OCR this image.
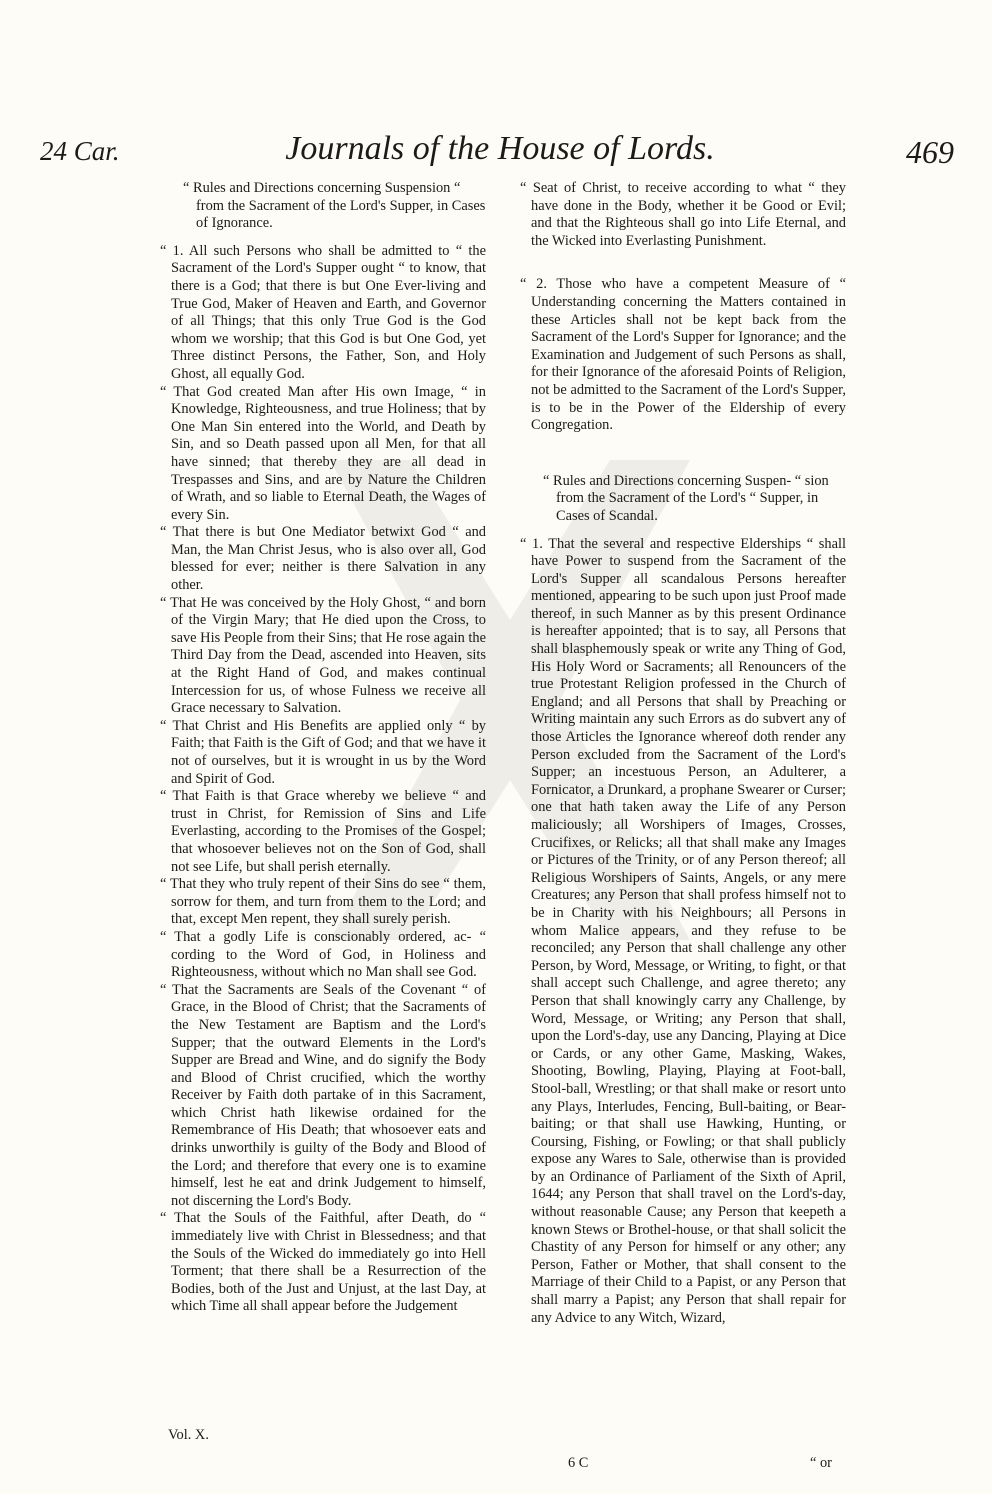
24 Car.	Journals of the House of Lords.	469

“ Rules and Directions concerning Suspension “ from the Sacrament of the Lord's Supper, in Cases of Ignorance.

“ 1. All such Persons who shall be admitted to “ the Sacrament of the Lord's Supper ought “ to know, that there is a God; that there is but One Ever-living and True God, Maker of Heaven and Earth, and Governor of all Things; that this only True God is the God whom we worship; that this God is but One God, yet Three distinct Persons, the Father, Son, and Holy Ghost, all equally God.

“ That God created Man after His own Image, “ in Knowledge, Righteousness, and true Holiness; that by One Man Sin entered into the World, and Death by Sin, and so Death passed upon all Men, for that all have sinned; that thereby they are all dead in Trespasses and Sins, and are by Nature the Children of Wrath, and so liable to Eternal Death, the Wages of every Sin.

“ That there is but One Mediator betwixt God “ and Man, the Man Christ Jesus, who is also over all, God blessed for ever; neither is there Salvation in any other.

“ That He was conceived by the Holy Ghost, “ and born of the Virgin Mary; that He died upon the Cross, to save His People from their Sins; that He rose again the Third Day from the Dead, ascended into Heaven, sits at the Right Hand of God, and makes continual Intercession for us, of whose Fulness we receive all Grace necessary to Salvation.

“ That Christ and His Benefits are applied only “ by Faith; that Faith is the Gift of God; and that we have it not of ourselves, but it is wrought in us by the Word and Spirit of God.

“ That Faith is that Grace whereby we believe “ and trust in Christ, for Remission of Sins and Life Everlasting, according to the Promises of the Gospel; that whosoever believes not on the Son of God, shall not see Life, but shall perish eternally.

“ That they who truly repent of their Sins do see “ them, sorrow for them, and turn from them to the Lord; and that, except Men repent, they shall surely perish.

“ That a godly Life is conscionably ordered, ac- “ cording to the Word of God, in Holiness and Righteousness, without which no Man shall see God.

“ That the Sacraments are Seals of the Covenant “ of Grace, in the Blood of Christ; that the Sacraments of the New Testament are Baptism and the Lord's Supper; that the outward Elements in the Lord's Supper are Bread and Wine, and do signify the Body and Blood of Christ crucified, which the worthy Receiver by Faith doth partake of in this Sacrament, which Christ hath likewise ordained for the Remembrance of His Death; that whosoever eats and drinks unworthily is guilty of the Body and Blood of the Lord; and therefore that every one is to examine himself, lest he eat and drink Judgement to himself, not discerning the Lord's Body.

“ That the Souls of the Faithful, after Death, do “ immediately live with Christ in Blessedness; and that the Souls of the Wicked do immediately go into Hell Torment; that there shall be a Resurrection of the Bodies, both of the Just and Unjust, at the last Day, at which Time all shall appear before the Judgement

“ Seat of Christ, to receive according to what “ they have done in the Body, whether it be Good or Evil; and that the Righteous shall go into Life Eternal, and the Wicked into Everlasting Punishment.

“ 2. Those who have a competent Measure of “ Understanding concerning the Matters contained in these Articles shall not be kept back from the Sacrament of the Lord's Supper for Ignorance; and the Examination and Judgement of such Persons as shall, for their Ignorance of the aforesaid Points of Religion, not be admitted to the Sacrament of the Lord's Supper, is to be in the Power of the Eldership of every Congregation.

“ Rules and Directions concerning Suspen- “ sion from the Sacrament of the Lord's “ Supper, in Cases of Scandal.

“ 1. That the several and respective Elderships “ shall have Power to suspend from the Sacrament of the Lord's Supper all scandalous Persons hereafter mentioned, appearing to be such upon just Proof made thereof, in such Manner as by this present Ordinance is hereafter appointed; that is to say, all Persons that shall blasphemously speak or write any Thing of God, His Holy Word or Sacraments; all Renouncers of the true Protestant Religion professed in the Church of England; and all Persons that shall by Preaching or Writing maintain any such Errors as do subvert any of those Articles the Ignorance whereof doth render any Person excluded from the Sacrament of the Lord's Supper; an incestuous Person, an Adulterer, a Fornicator, a Drunkard, a prophane Swearer or Curser; one that hath taken away the Life of any Person maliciously; all Worshipers of Images, Crosses, Crucifixes, or Relicks; all that shall make any Images or Pictures of the Trinity, or of any Person thereof; all Religious Worshipers of Saints, Angels, or any mere Creatures; any Person that shall profess himself not to be in Charity with his Neighbours; all Persons in whom Malice appears, and they refuse to be reconciled; any Person that shall challenge any other Person, by Word, Message, or Writing, to fight, or that shall accept such Challenge, and agree thereto; any Person that shall knowingly carry any Challenge, by Word, Message, or Writing; any Person that shall, upon the Lord's-day, use any Dancing, Playing at Dice or Cards, or any other Game, Masking, Wakes, Shooting, Bowling, Playing, Playing at Foot-ball, Stool-ball, Wrestling; or that shall make or resort unto any Plays, Interludes, Fencing, Bull-baiting, or Bear-baiting; or that shall use Hawking, Hunting, or Coursing, Fishing, or Fowling; or that shall publicly expose any Wares to Sale, otherwise than is provided by an Ordinance of Parliament of the Sixth of April, 1644; any Person that shall travel on the Lord's-day, without reasonable Cause; any Person that keepeth a known Stews or Brothel-house, or that shall solicit the Chastity of any Person for himself or any other; any Person, Father or Mother, that shall consent to the Marriage of their Child to a Papist, or any Person that shall marry a Papist; any Person that shall repair for any Advice to any Witch, Wizard,

Vol. X.
6 C	“ or
